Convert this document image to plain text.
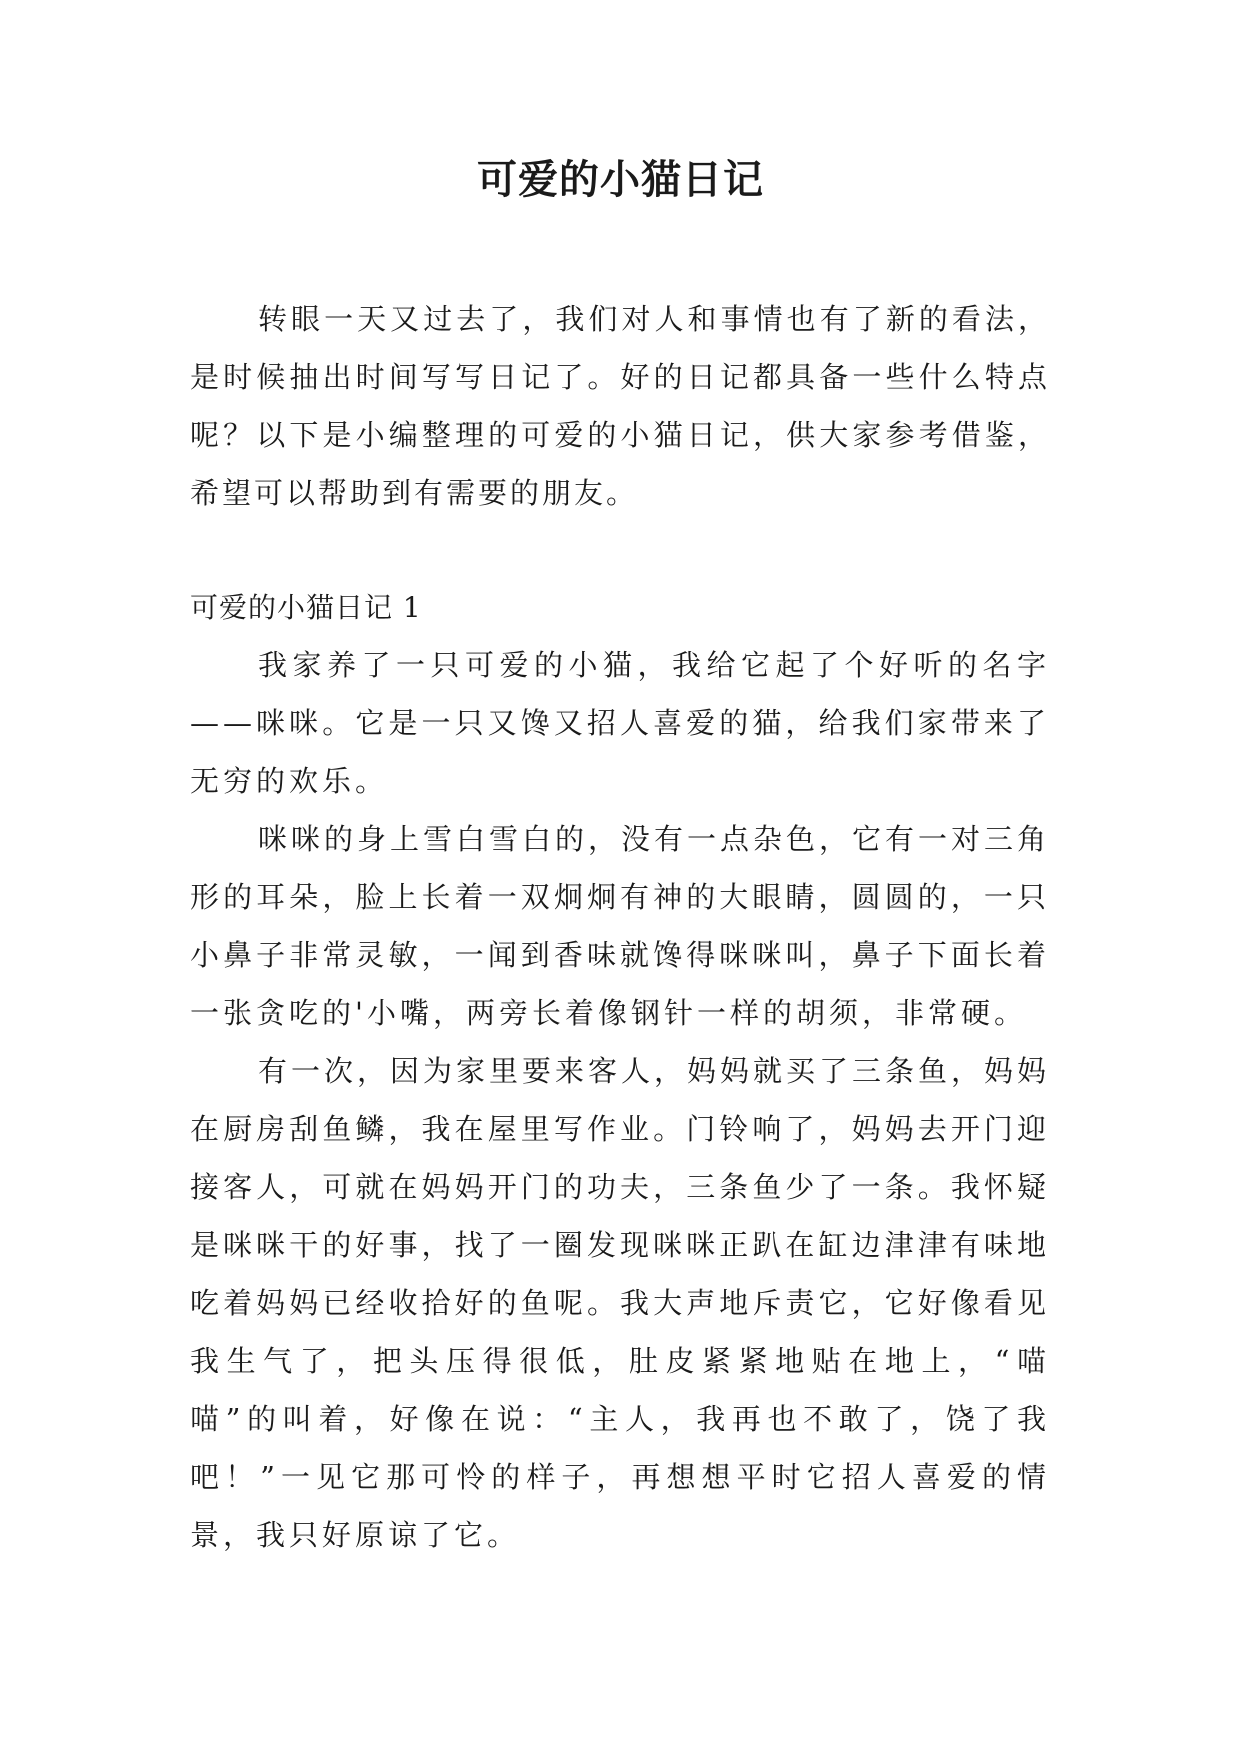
可爱的小猫日记

转眼一天又过去了，我们对人和事情也有了新的看法，是时候抽出时间写写日记了。好的日记都具备一些什么特点呢？以下是小编整理的可爱的小猫日记，供大家参考借鉴，希望可以帮助到有需要的朋友。

可爱的小猫日记 1

我家养了一只可爱的小猫，我给它起了个好听的名字——咪咪。它是一只又馋又招人喜爱的猫，给我们家带来了无穷的欢乐。

咪咪的身上雪白雪白的，没有一点杂色，它有一对三角形的耳朵，脸上长着一双炯炯有神的大眼睛，圆圆的，一只小鼻子非常灵敏，一闻到香味就馋得咪咪叫，鼻子下面长着一张贪吃的'小嘴，两旁长着像钢针一样的胡须，非常硬。

有一次，因为家里要来客人，妈妈就买了三条鱼，妈妈在厨房刮鱼鳞，我在屋里写作业。门铃响了，妈妈去开门迎接客人，可就在妈妈开门的功夫，三条鱼少了一条。我怀疑是咪咪干的好事，找了一圈发现咪咪正趴在缸边津津有味地吃着妈妈已经收拾好的鱼呢。我大声地斥责它，它好像看见我生气了，把头压得很低，肚皮紧紧地贴在地上，“喵喵”的叫着，好像在说：“主人，我再也不敢了，饶了我吧！”一见它那可怜的样子，再想想平时它招人喜爱的情景，我只好原谅了它。
